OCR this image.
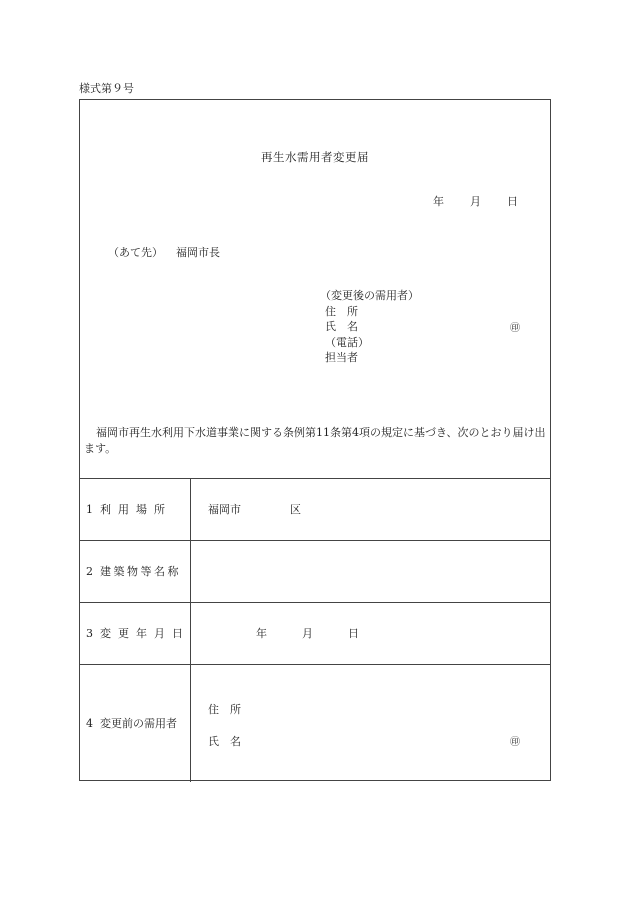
様式第９号
再生水需用者変更届
年 月 日
（あて先） 福岡市長
（変更後の需用者）
住　所
氏　名
（電話）
担当者
㊞
福岡市再生水利用下水道事業に関する条例第11条第4項の規定に基づき、次のとおり届け出ます。
1 利用場所	福岡市	区
2 建築物等名称
3 変更年月日	年	月	日
4 変更前の需用者
住　所
氏　名	㊞
